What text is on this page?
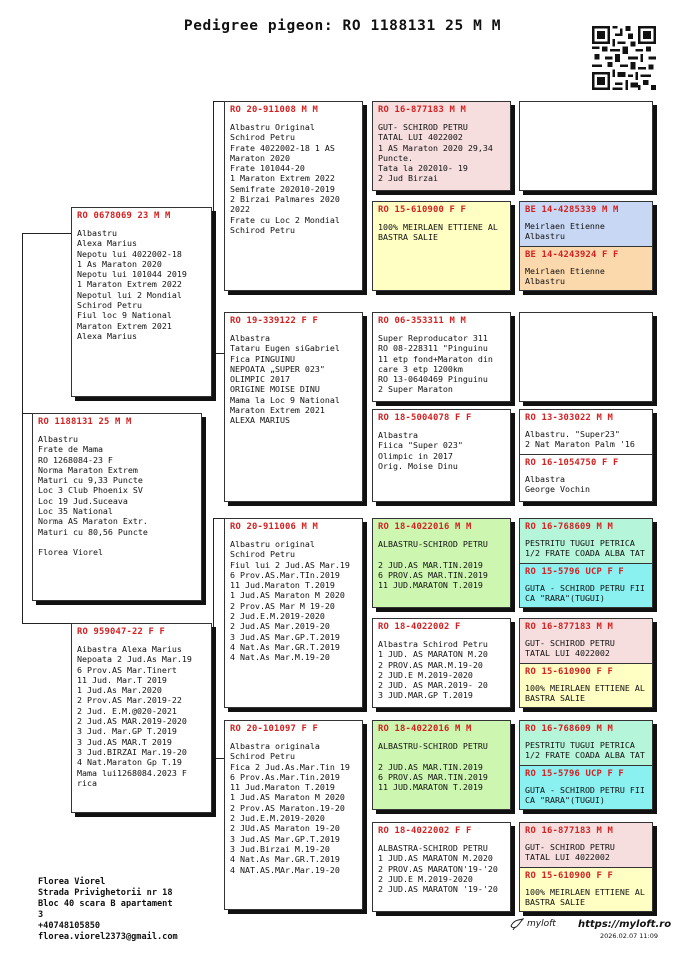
Pedigree pigeon: RO 1188131 25 M M
RO 1188131 25 M M
Albastru
Frate de Mama
RO 1268084-23 F
Norma Maraton Extrem
Maturi cu 9,33 Puncte
Loc 3 Club Phoenix SV
Loc 19 Jud.Suceava
Loc 35 National
Norma AS Maraton Extr.
Maturi cu 80,56 Puncte

Florea Viorel
RO 0678069 23 M M
Albastru
Alexa Marius
Nepotu lui 4022002-18
1 As Maraton 2020
Nepotu lui 101044 2019
1 Maraton Extrem 2022
Nepotul lui 2 Mondial
Schirod Petru
Fiul loc 9 National
Maraton Extrem 2021
Alexa Marius
RO 959047-22 F F
Aibastra Alexa Marius
Nepoata 2 Jud.As Mar.19
6 Prov.AS Mar.Tinert
11 Jud. Mar.T 2019
1 Jud.As Mar.2020
2 Prov.AS Mar.2019-22
2 Jud. E.M.@020-2021
2 Jud.AS MAR.2019-2020
3 Jud. Mar.GP T.2019
3 Jud.AS MAR.T 2019
3 Jud.BIRZAI Mar.19-20
4 Nat.Maraton Gp T.19
Mama lui1268084.2023 F
rica
RO 20-911008 M M
Albastru Original
Schirod Petru
Frate 4022002-18 1 AS
Maraton 2020
Frate 101044-20
1 Maraton Extrem 2022
Semifrate 202010-2019
2 Birzai Palmares 2020
2022
Frate cu Loc 2 Mondial
Schirod Petru
RO 19-339122 F F
Albastra
Tataru Eugen siGabriel
Fica PINGUINU
NEPOATA „SUPER 023"
OLIMPIC 2017
ORIGINE MOISE DINU
Mama la Loc 9 National
Maraton Extrem 2021
ALEXA MARIUS
RO 20-911006 M M
Albastru original
Schirod Petru
Fiul lui 2 Jud.AS Mar.19
6 Prov.AS.Mar.TIn.2019
11 Jud.Maraton T.2019
1 Jud.AS Maraton M 2020
2 Prov.AS Mar M 19-20
2 Jud.E.M.2019-2020
2 Jud.AS Mar.2019-20
3 Jud.AS Mar.GP.T.2019
4 Nat.As Mar.GR.T.2019
4 Nat.As Mar.M.19-20
RO 20-101097 F F
Albastra originala
Schirod Petru
Fica 2 Jud.As.Mar.Tin 19
6 Prov.As.Mar.Tin.2019
11 Jud.Maraton T.2019
1 Jud.AS Maraton M 2020
2 Prov.AS Maraton.19-20
2 Jud.E.M.2019-2020
2 JUd.AS Maraton 19-20
3 Jud.AS Mar.GP.T.2019
3 Jud.Birzai M.19-20
4 Nat.As Mar.GR.T.2019
4 NAT.AS.MAr.Mar.19-20
RO 16-877183 M M
GUT- SCHIROD PETRU
TATAL LUI 4022002
1 AS Maraton 2020 29,34
Puncte.
Tata la 202010- 19
2 Jud Birzai
RO 15-610900 F F
100% MEIRLAEN ETTIENE AL
BASTRA SALIE
RO 06-353311 M M
Super Reproducator 311
RO 08-228311 "Pinguinu
11 etp fond+Maraton din
care 3 etp 1200km
RO 13-0640469 Pinguinu
2 Super Maraton
RO 18-5004078 F F
Albastra
Fiica "Super 023"
Olimpic in 2017
Orig. Moise Dinu
RO 18-4022016 M M
ALBASTRU-SCHIROD PETRU

2 JUD.AS MAR.TIN.2019
6 PROV.AS MAR.TIN.2019
11 JUD.MARATON T.2019
RO 18-4022002 F
Albastra Schirod Petru
1 JUD. AS MARATON M.20
2 PROV.AS MAR.M.19-20
2 JUD.E M.2019-2020
2 JUD. AS MAR.2019- 20
3 JUD.MAR.GP T.2019
RO 18-4022016 M M
ALBASTRU-SCHIROD PETRU

2 JUD.AS MAR.TIN.2019
6 PROV.AS MAR.TIN.2019
11 JUD.MARATON T.2019
RO 18-4022002 F F
ALBASTRA-SCHIROD PETRU
1 JUD.AS MARATON M.2020
2 PROV.AS MARATON'19-'20
2 JUD.E M.2019-2020
2 JUD.AS MARATON '19-'20
BE 14-4285339 M M
Meirlaen Etienne
Albastru
BE 14-4243924 F F
Meirlaen Etienne
Albastru
RO 13-303022 M M
Albastru. "Super23"
2 Nat Maraton Palm '16
RO 16-1054750 F F
Albastra
George Vochin
RO 16-768609 M M
PESTRITU TUGUI PETRICA
1/2 FRATE COADA ALBA TAT
RO 15-5796 UCP F F
GUTA - SCHIROD PETRU FII
CA "RARA"(TUGUI)
RO 16-877183 M M
GUT- SCHIROD PETRU
TATAL LUI 4022002
RO 15-610900 F F
100% MEIRLAEN ETTIENE AL
BASTRA SALIE
RO 16-768609 M M
PESTRITU TUGUI PETRICA
1/2 FRATE COADA ALBA TAT
RO 15-5796 UCP F F
GUTA - SCHIROD PETRU FII
CA "RARA"(TUGUI)
RO 16-877183 M M
GUT- SCHIROD PETRU
TATAL LUI 4022002
RO 15-610900 F F
100% MEIRLAEN ETTIENE AL
BASTRA SALIE
Florea Viorel
Strada Privighetorii nr 18
Bloc 40 scara B apartament
3
+40748105850
florea.viorel2373@gmail.com
myloft https://myloft.ro
2026.02.07 11:09
